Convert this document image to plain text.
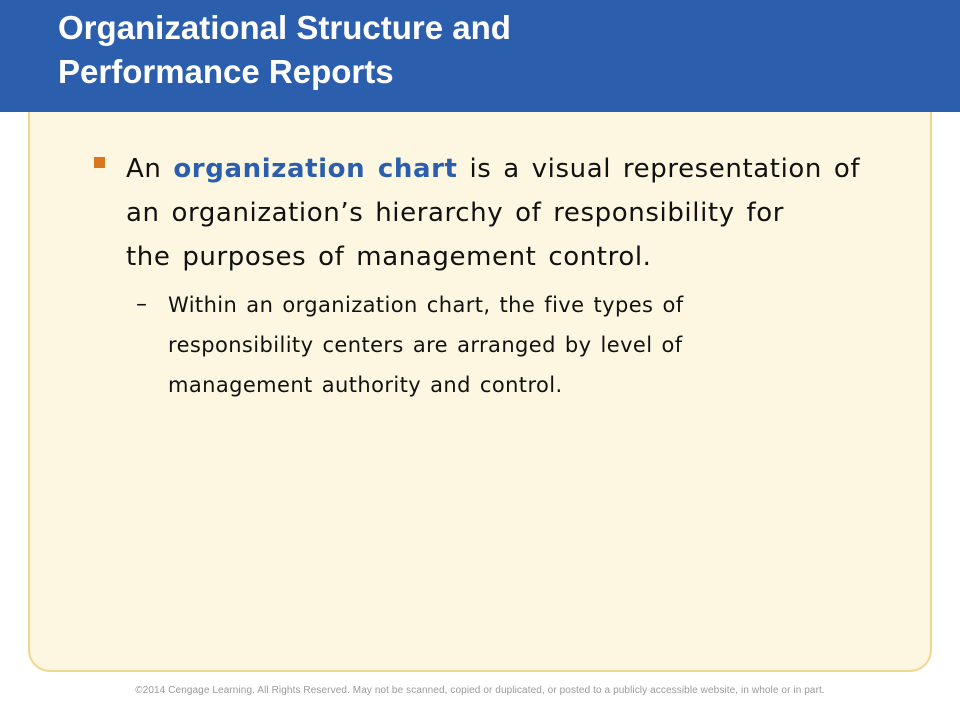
Organizational Structure and
Performance Reports
An organization chart is a visual representation of
an organization’s hierarchy of responsibility for
the purposes of management control.
– Within an organization chart, the five types of
responsibility centers are arranged by level of
management authority and control.
©2014 Cengage Learning. All Rights Reserved. May not be scanned, copied or duplicated, or posted to a publicly accessible website, in whole or in part.
